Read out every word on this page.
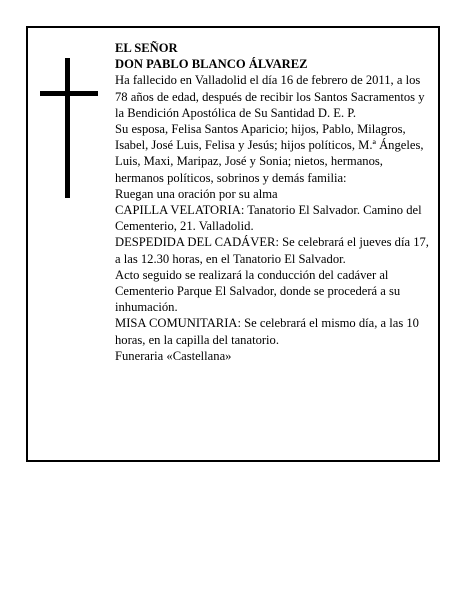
EL SEÑOR

DON PABLO BLANCO ÁLVAREZ

Ha fallecido en Valladolid el día 16 de febrero de 2011, a los 78 años de edad, después de recibir los Santos Sacramentos y la Bendición Apostólica de Su Santidad D. E. P.

Su esposa, Felisa Santos Aparicio; hijos, Pablo, Milagros, Isabel, José Luis, Felisa y Jesús; hijos políticos, M.ª Ángeles, Luis, Maxi, Maripaz, José y Sonia; nietos, hermanos, hermanos políticos, sobrinos y demás familia:

Ruegan una oración por su alma

CAPILLA VELATORIA: Tanatorio El Salvador. Camino del Cementerio, 21. Valladolid.

DESPEDIDA DEL CADÁVER: Se celebrará el jueves día 17, a las 12.30 horas, en el Tanatorio El Salvador.

Acto seguido se realizará la conducción del cadáver al Cementerio Parque El Salvador, donde se procederá a su inhumación.

MISA COMUNITARIA: Se celebrará el mismo día, a las 10 horas, en la capilla del tanatorio.

Funeraria «Castellana»
